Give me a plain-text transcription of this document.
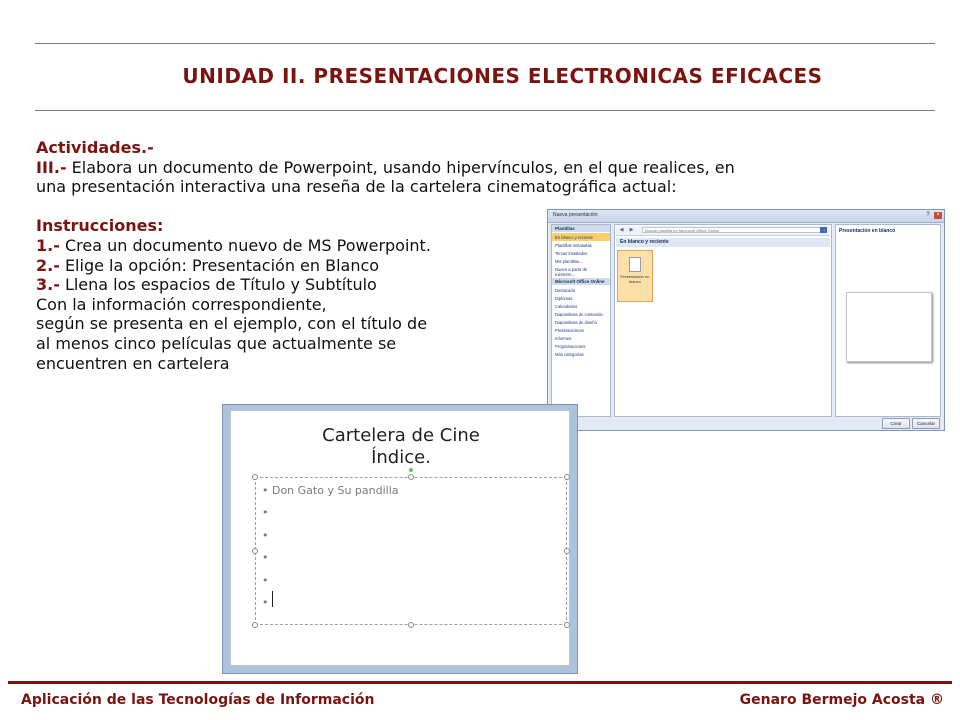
UNIDAD II. PRESENTACIONES ELECTRONICAS EFICACES
Actividades.-
III.- Elabora un documento de Powerpoint, usando hipervínculos, en el que realices, en
una presentación interactiva una reseña de la cartelera cinematográfica actual:
Instrucciones:
1.- Crea un documento nuevo de MS Powerpoint.
2.- Elige la opción: Presentación en Blanco
3.- Llena los espacios de Título y Subtítulo
Con la información correspondiente,
según se presenta en el ejemplo, con el título de
al menos cinco películas que actualmente se
encuentren en cartelera
Nueva presentación	?	×
Plantillas
En blanco y reciente
Plantillas instaladas
Temas instalados
Mis plantillas...
Nuevo a partir de existente...
Microsoft Office Online
Destacado
Diplomas
Calendarios
Diapositivas de contenido
Diapositivas de diseño
Presentaciones
Informes
Programaciones
Más categorías
◀	▶	Buscar plantilla en Microsoft Office Online	→
En blanco y reciente
Presentación en blanco
Presentación en blanco
Crear	Cancelar
Cartelera de Cine
Índice.
• Don Gato y Su pandilla
•
•
•
•
•
Aplicación de las Tecnologías de Información	Genaro Bermejo Acosta ®
